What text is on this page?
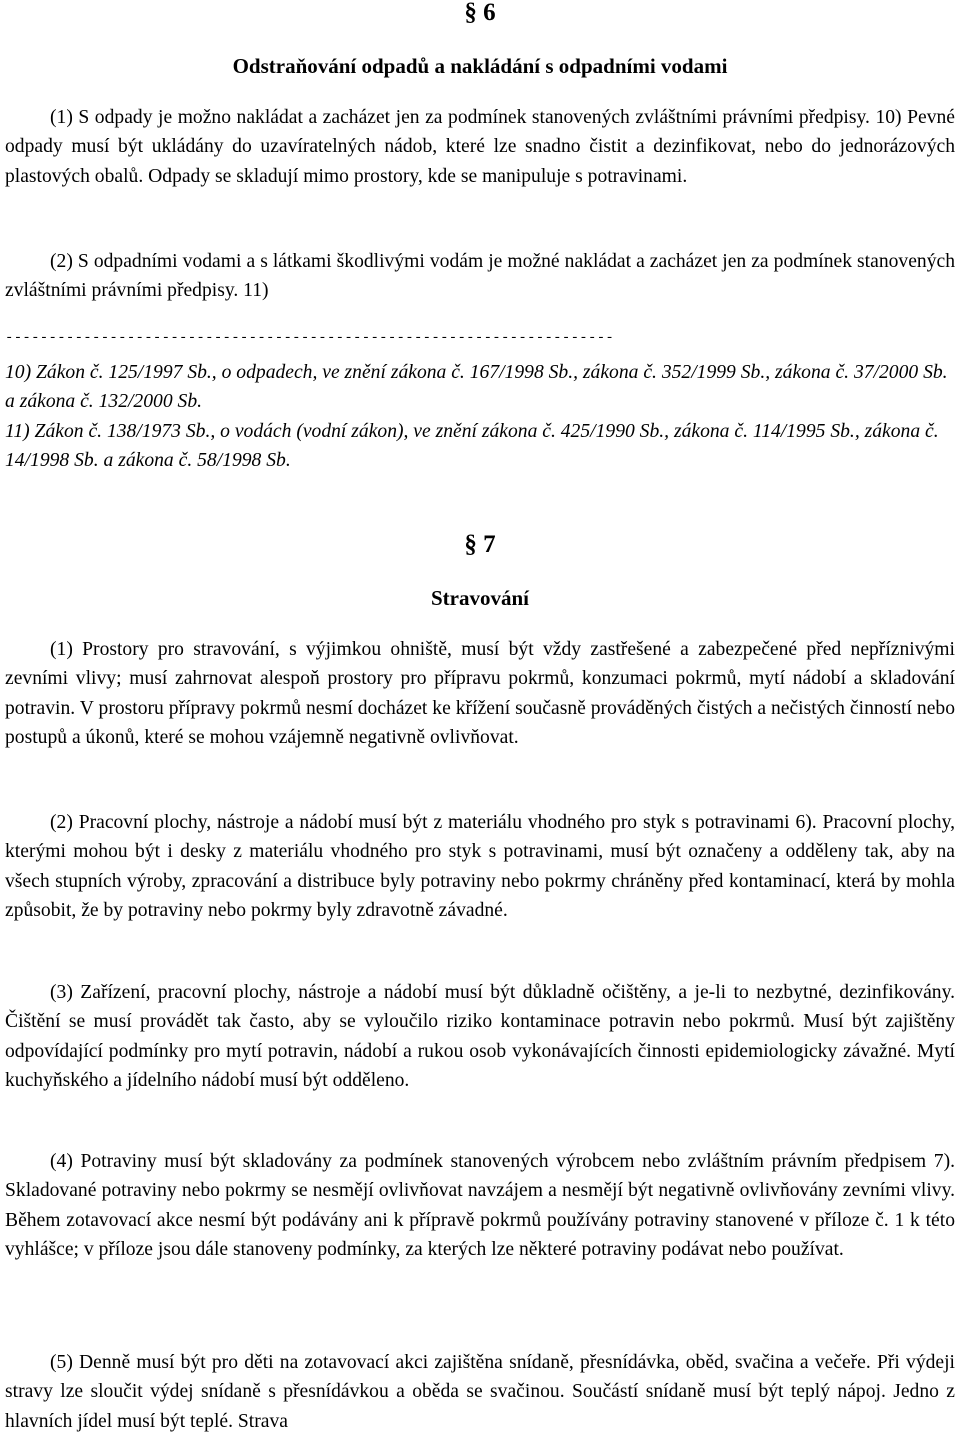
§ 6
Odstraňování odpadů a nakládání s odpadními vodami

(1) S odpady je možno nakládat a zacházet jen za podmínek stanovených zvláštními právními předpisy. 10) Pevné odpady musí být ukládány do uzavíratelných nádob, které lze snadno čistit a dezinfikovat, nebo do jednorázových plastových obalů. Odpady se skladují mimo prostory, kde se manipuluje s potravinami.

(2) S odpadními vodami a s látkami škodlivými vodám je možné nakládat a zacházet jen za podmínek stanovených zvláštními právními předpisy. 11)

----------------------------------------------------------------------

10) Zákon č. 125/1997 Sb., o odpadech, ve znění zákona č. 167/1998 Sb., zákona č. 352/1999 Sb., zákona č. 37/2000 Sb. a zákona č. 132/2000 Sb.

11) Zákon č. 138/1973 Sb., o vodách (vodní zákon), ve znění zákona č. 425/1990 Sb., zákona č. 114/1995 Sb., zákona č. 14/1998 Sb. a zákona č. 58/1998 Sb.

§ 7
Stravování

(1) Prostory pro stravování, s výjimkou ohniště, musí být vždy zastřešené a zabezpečené před nepříznivými zevními vlivy; musí zahrnovat alespoň prostory pro přípravu pokrmů, konzumaci pokrmů, mytí nádobí a skladování potravin. V prostoru přípravy pokrmů nesmí docházet ke křížení současně prováděných čistých a nečistých činností nebo postupů a úkonů, které se mohou vzájemně negativně ovlivňovat.

(2) Pracovní plochy, nástroje a nádobí musí být z materiálu vhodného pro styk s potravinami 6). Pracovní plochy, kterými mohou být i desky z materiálu vhodného pro styk s potravinami, musí být označeny a odděleny tak, aby na všech stupních výroby, zpracování a distribuce byly potraviny nebo pokrmy chráněny před kontaminací, která by mohla způsobit, že by potraviny nebo pokrmy byly zdravotně závadné.

(3) Zařízení, pracovní plochy, nástroje a nádobí musí být důkladně očištěny, a je-li to nezbytné, dezinfikovány. Čištění se musí provádět tak často, aby se vyloučilo riziko kontaminace potravin nebo pokrmů. Musí být zajištěny odpovídající podmínky pro mytí potravin, nádobí a rukou osob vykonávajících činnosti epidemiologicky závažné. Mytí kuchyňského a jídelního nádobí musí být odděleno.

(4) Potraviny musí být skladovány za podmínek stanovených výrobcem nebo zvláštním právním předpisem 7). Skladované potraviny nebo pokrmy se nesmějí ovlivňovat navzájem a nesmějí být negativně ovlivňovány zevními vlivy. Během zotavovací akce nesmí být podávány ani k přípravě pokrmů používány potraviny stanovené v příloze č. 1 k této vyhlášce; v příloze jsou dále stanoveny podmínky, za kterých lze některé potraviny podávat nebo používat.

(5) Denně musí být pro děti na zotavovací akci zajištěna snídaně, přesnídávka, oběd, svačina a večeře. Při výdeji stravy lze sloučit výdej snídaně s přesnídávkou a oběda se svačinou. Součástí snídaně musí být teplý nápoj. Jedno z hlavních jídel musí být teplé. Strava
